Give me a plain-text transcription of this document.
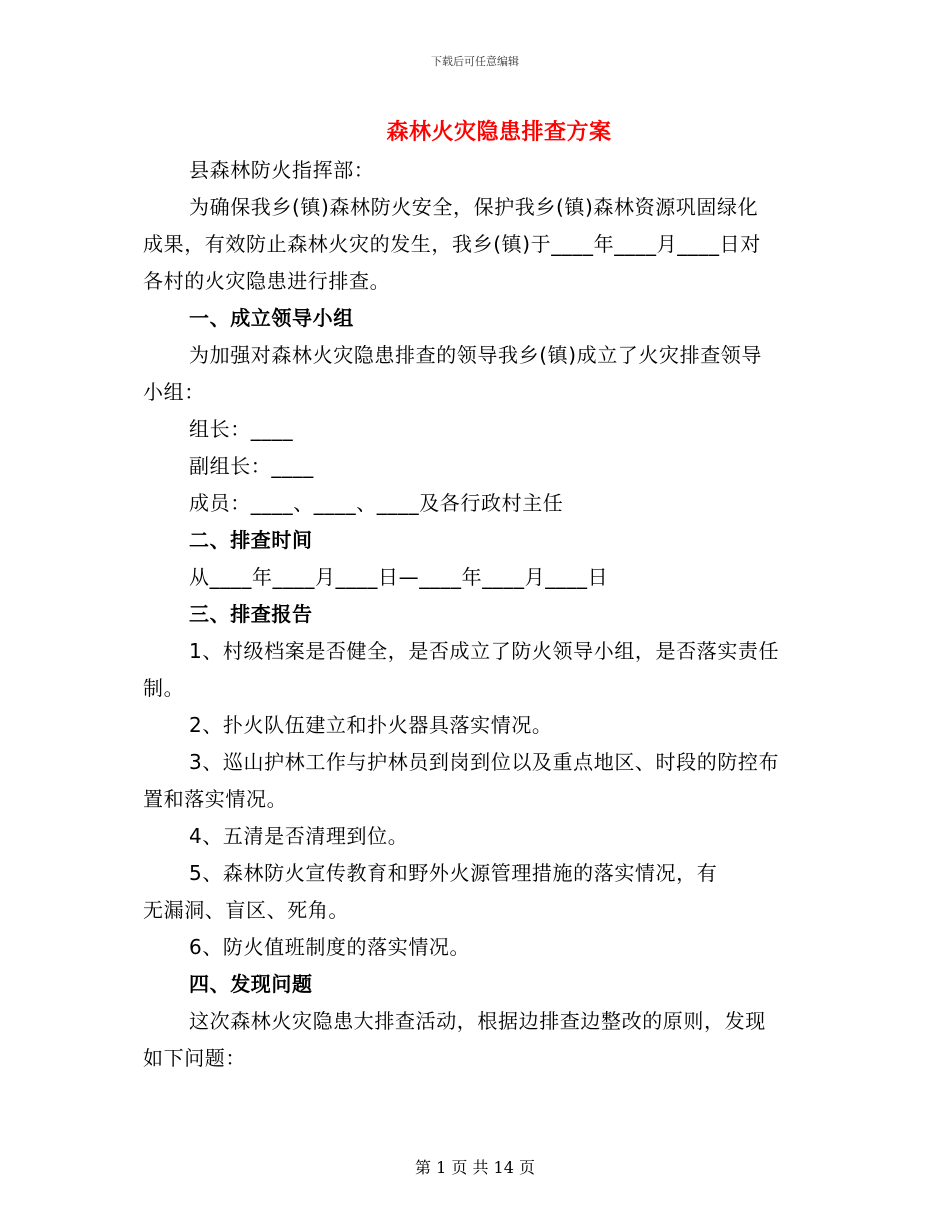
下载后可任意编辑
森林火灾隐患排查方案
县森林防火指挥部：
为确保我乡(镇)森林防火安全，保护我乡(镇)森林资源巩固绿化
成果，有效防止森林火灾的发生，我乡(镇)于____年____月____日对
各村的火灾隐患进行排查。
一、成立领导小组
为加强对森林火灾隐患排查的领导我乡(镇)成立了火灾排查领导
小组：
组长：____
副组长：____
成员：____、____、____及各行政村主任
二、排查时间
从____年____月____日—____年____月____日
三、排查报告
1、村级档案是否健全，是否成立了防火领导小组，是否落实责任
制。
2、扑火队伍建立和扑火器具落实情况。
3、巡山护林工作与护林员到岗到位以及重点地区、时段的防控布
置和落实情况。
4、五清是否清理到位。
5、森林防火宣传教育和野外火源管理措施的落实情况，有
无漏洞、盲区、死角。
6、防火值班制度的落实情况。
四、发现问题
这次森林火灾隐患大排查活动，根据边排查边整改的原则，发现
如下问题：
第 1 页 共 14 页
